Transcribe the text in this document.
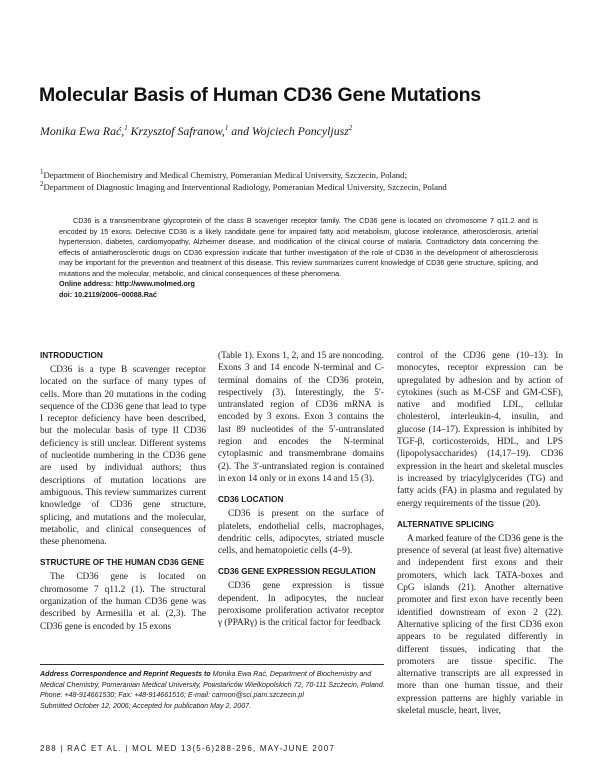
Molecular Basis of Human CD36 Gene Mutations
Monika Ewa Rać,$^1$ Krzysztof Safranow,$^1$ and Wojciech Poncyljusz$^2$
$^1$Department of Biochemistry and Medical Chemistry, Pomeranian Medical University, Szczecin, Poland;
$^2$Department of Diagnostic Imaging and Interventional Radiology, Pomeranian Medical University, Szczecin, Poland

CD36 is a transmembrane glycoprotein of the class B scavenger receptor family. The CD36 gene is located on chromosome 7 q11.2 and is encoded by 15 exons. Defective CD36 is a likely candidate gene for impaired fatty acid metabolism, glucose intolerance, atherosclerosis, arterial hypertension, diabetes, cardiomyopathy, Alzheimer disease, and modification of the clinical course of malaria. Contradictory data concerning the effects of antiatherosclerotic drugs on CD36 expression indicate that further investigation of the role of CD36 in the development of atherosclerosis may be important for the prevention and treatment of this disease. This review summarizes current knowledge of CD36 gene structure, splicing, and mutations and the molecular, metabolic, and clinical consequences of these phenomena.

Online address: http://www.molmed.org

doi: 10.2119/2006–00088.Rać

INTRODUCTION

CD36 is a type B scavenger receptor located on the surface of many types of cells. More than 20 mutations in the coding sequence of the CD36 gene that lead to type I receptor deficiency have been described, but the molecular basis of type II CD36 deficiency is still unclear. Different systems of nucleotide numbering in the CD36 gene are used by individual authors; thus descriptions of mutation locations are ambiguous. This review summarizes current knowledge of CD36 gene structure, splicing, and mutations and the molecular, metabolic, and clinical consequences of these phenomena.

STRUCTURE OF THE HUMAN CD36 GENE

The CD36 gene is located on chromosome 7 q11.2 (1). The structural organization of the human CD36 gene was described by Armesilla et al. (2,3). The CD36 gene is encoded by 15 exons

(Table 1). Exons 1, 2, and 15 are noncoding. Exons 3 and 14 encode N-terminal and C-terminal domains of the CD36 protein, respectively (3). Interestingly, the 5′-untranslated region of CD36 mRNA is encoded by 3 exons. Exon 3 contains the last 89 nucleotides of the 5′-untranslated region and encodes the N-terminal cytoplasmic and transmembrane domains (2). The 3′-untranslated region is contained in exon 14 only or in exons 14 and 15 (3).

CD36 LOCATION

CD36 is present on the surface of platelets, endothelial cells, macrophages, dendritic cells, adipocytes, striated muscle cells, and hematopoietic cells (4–9).

CD36 GENE EXPRESSION REGULATION

CD36 gene expression is tissue dependent. In adipocytes, the nuclear peroxisome proliferation activator receptor γ (PPARγ) is the critical factor for feedback

control of the CD36 gene (10–13). In monocytes, receptor expression can be upregulated by adhesion and by action of cytokines (such as M-CSF and GM-CSF), native and modified LDL, cellular cholesterol, interleukin-4, insulin, and glucose (14–17). Expression is inhibited by TGF-β, corticosteroids, HDL, and LPS (lipopolysaccharides) (14,17–19). CD36 expression in the heart and skeletal muscles is increased by triacylglycerides (TG) and fatty acids (FA) in plasma and regulated by energy requirements of the tissue (20).

ALTERNATIVE SPLICING

A marked feature of the CD36 gene is the presence of several (at least five) alternative and independent first exons and their promoters, which lack TATA-boxes and CpG islands (21). Another alternative promoter and first exon have recently been identified downstream of exon 2 (22). Alternative splicing of the first CD36 exon appears to be regulated differently in different tissues, indicating that the promoters are tissue specific. The alternative transcripts are all expressed in more than one human tissue, and their expression patterns are highly variable in skeletal muscle, heart, liver,

Address Correspondence and Reprint Requests to Monika Ewa Rać, Department of Biochemistry and Medical Chemistry, Pomeranian Medical University, Powstańców Wielkopolskich 72, 70-111 Szczecin, Poland. Phone: +48-914661530; Fax: +48-914661516; E-mail: carmon@sci.pam.szczecin.pl
Submitted October 12, 2006; Accepted for publication May 2, 2007.
288 | RAĆ ET AL. | MOL MED 13(5-6)288-296, MAY-JUNE 2007
